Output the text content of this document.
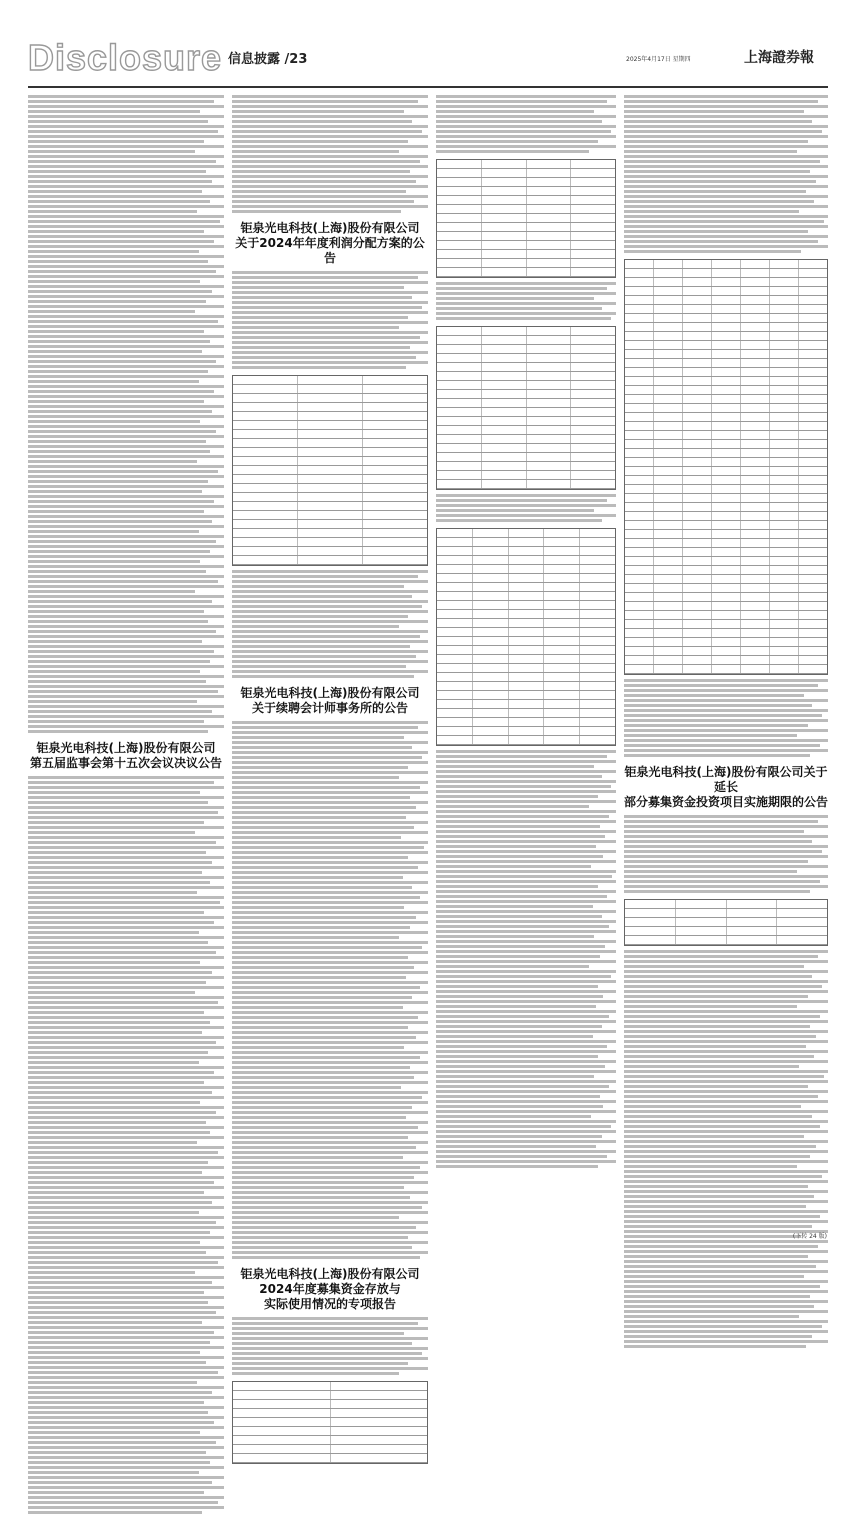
Disclosure 信息披露 /23	2025年4月17日 星期四	上海證券報
钜泉光电科技(上海)股份有限公司
第五届监事会第十五次会议决议公告
钜泉光电科技(上海)股份有限公司
关于2024年年度利润分配方案的公告
钜泉光电科技(上海)股份有限公司
关于续聘会计师事务所的公告
钜泉光电科技(上海)股份有限公司
2024年度募集资金存放与
实际使用情况的专项报告
钜泉光电科技(上海)股份有限公司关于延长
部分募集资金投资项目实施期限的公告
(下转 24 版)
